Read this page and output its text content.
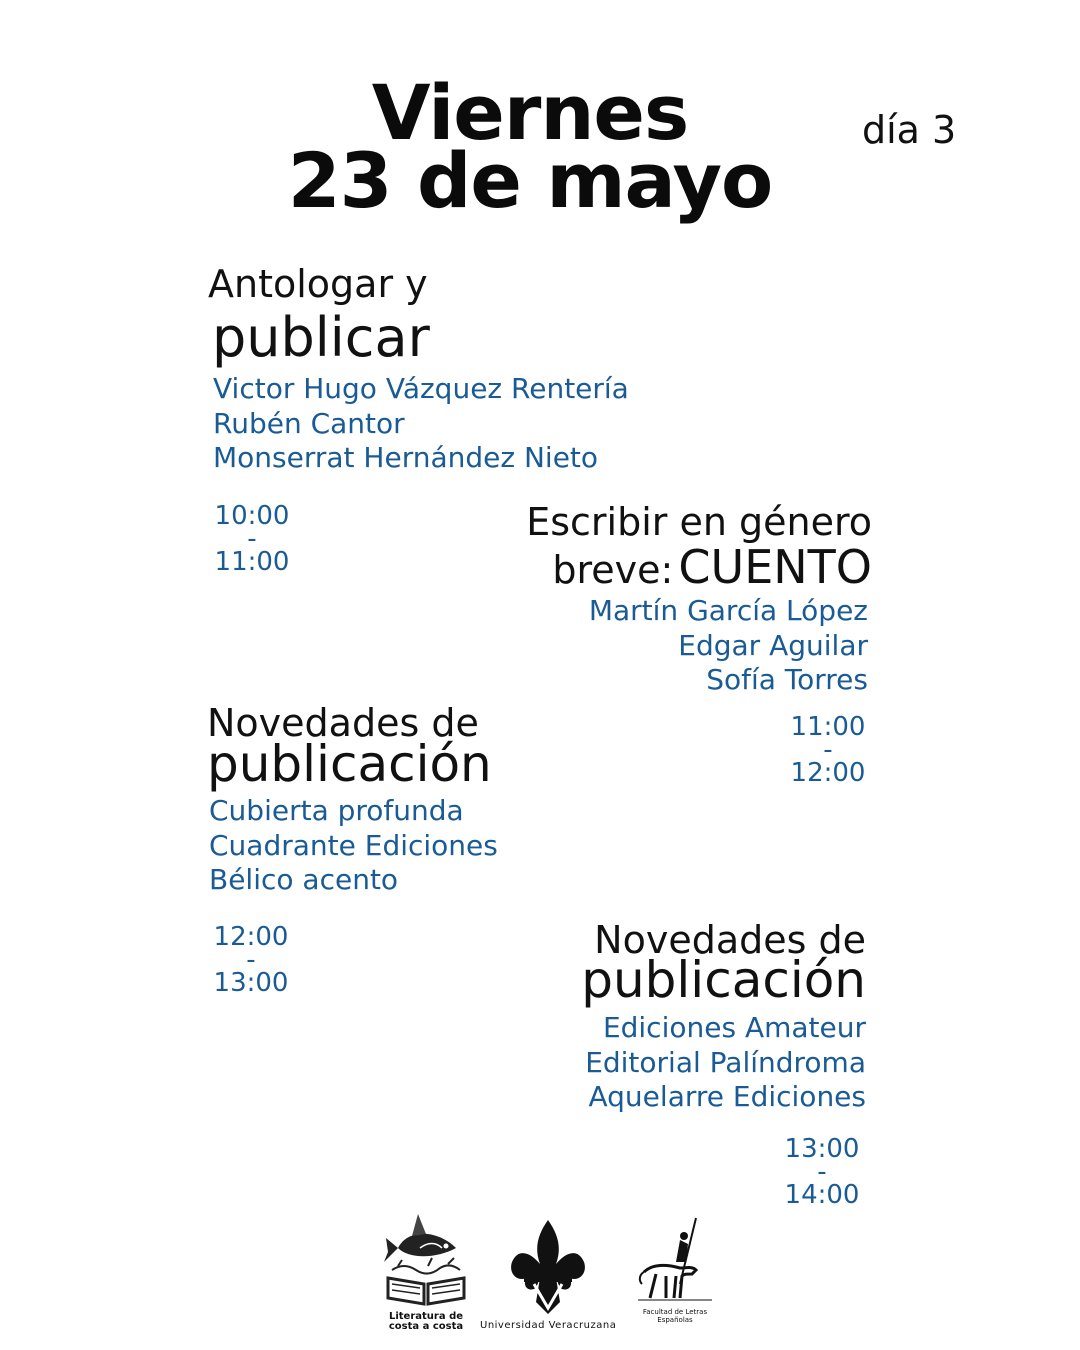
Viernes
23 de mayo
día 3
Antologar y
publicar
Victor Hugo Vázquez Rentería
Rubén Cantor
Monserrat Hernández Nieto
10:00
-
11:00
Escribir en género
breve: CUENTO
Martín García López
Edgar Aguilar
Sofía Torres
11:00
-
12:00
Novedades de
publicación
Cubierta profunda
Cuadrante Ediciones
Bélico acento
12:00
-
13:00
Novedades de
publicación
Ediciones Amateur
Editorial Palíndroma
Aquelarre Ediciones
13:00
-
14:00
Literatura de
costa a costa	Universidad Veracruzana
Facultad de Letras
Españolas
